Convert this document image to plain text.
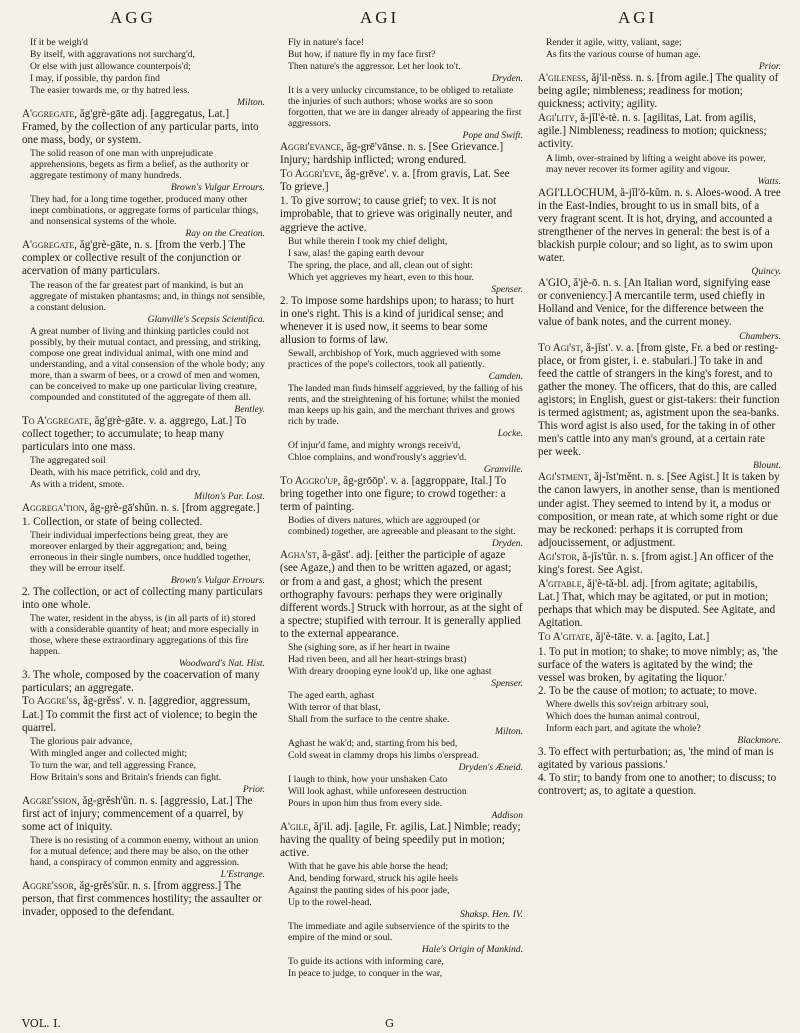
AGG	AGI	AGI
If it be weigh'd
By itself, with aggravations not surcharg'd,
Or else with just allowance counterpois'd;
I may, if possible, thy pardon find
The easier towards me, or thy hatred less.
Milton.
A'ggregate, ăg'grè-gāte adj. [aggregatus, Lat.] Framed, by the collection of any particular parts, into one mass, body, or system.
The solid reason of one man with unprejudicate apprehensions, begets as firm a belief, as the authority or aggregate testimony of many hundreds.
Brown's Vulgar Errours.
They had, for a long time together, produced many other inept combinations, or aggregate forms of particular things, and nonsensical systems of the whole.
Ray on the Creation.
A'ggregate, ăg'grè-gāte, n. s. [from the verb.] The complex or collective result of the conjunction or acervation of many particulars.
The reason of the far greatest part of mankind, is but an aggregate of mistaken phantasms; and, in things not sensible, a constant delusion.
Glanville's Scepsis Scientifica.
A great number of living and thinking particles could not possibly, by their mutual contact, and pressing, and striking, compose one great individual animal, with one mind and understanding, and a vital consension of the whole body; any more, than a swarm of bees, or a crowd of men and women, can be conceived to make up one particular living creature, compounded and constituted of the aggregate of them all.
Bentley.
To A'ggregate, ăg'grè-gāte. v. a. aggrego, Lat.] To collect together; to accumulate; to heap many particulars into one mass.
The aggregated soil
Death, with his mace petrifick, cold and dry,
As with a trident, smote.
Milton's Par. Lost.
Aggrega'tion, ăg-grè-gā'shŭn. n. s. [from aggregate.]
1. Collection, or state of being collected.
Their individual imperfections being great, they are moreover enlarged by their aggregation; and, being erroneous in their single numbers, once huddled together, they will be errour itself.
Brown's Vulgar Errours.
2. The collection, or act of collecting many particulars into one whole.
The water, resident in the abyss, is (in all parts of it) stored with a considerable quantity of heat; and more especially in those, where these extraordinary aggregations of this fire happen.
Woodward's Nat. Hist.
3. The whole, composed by the coacervation of many particulars; an aggregate.
To Aggre'ss, ăg-grĕss'. v. n. [aggredior, aggressum, Lat.] To commit the first act of violence; to begin the quarrel.
The glorious pair advance,
With mingled anger and collected might;
To turn the war, and tell aggressing France,
How Britain's sons and Britain's friends can fight.
Prior.
Aggre'ssion, ăg-grĕsh'ŭn. n. s. [aggressio, Lat.] The first act of injury; commencement of a quarrel, by some act of iniquity.
There is no resisting of a common enemy, without an union for a mutual defence; and there may be also, on the other hand, a conspiracy of common enmity and aggression.
L'Estrange.
Aggre'ssor, ăg-grĕs'sŭr. n. s. [from aggress.] The person, that first commences hostility; the assaulter or invader, opposed to the defendant.
Fly in nature's face!
But how, if nature fly in my face first?
Then nature's the aggressor. Let her look to't.
Dryden.
It is a very unlucky circumstance, to be obliged to retaliate the injuries of such authors; whose works are so soon forgotten, that we are in danger already of appearing the first aggressors.
Pope and Swift.
Aggri'evance, ăg-grē'vānse. n. s. [See Grievance.] Injury; hardship inflicted; wrong endured.
To Aggri'eve, ăg-grēve'. v. a. [from gravis, Lat. See To grieve.]
1. To give sorrow; to cause grief; to vex. It is not improbable, that to grieve was originally neuter, and aggrieve the active.
But while therein I took my chief delight,
I saw, alas! the gaping earth devour
The spring, the place, and all, clean out of sight:
Which yet aggrieves my heart, even to this hour.
Spenser.
2. To impose some hardships upon; to harass; to hurt in one's right. This is a kind of juridical sense; and whenever it is used now, it seems to bear some allusion to forms of law.
Sewall, archbishop of York, much aggrieved with some practices of the pope's collectors, took all patiently.
Camden.
The landed man finds himself aggrieved, by the falling of his rents, and the streightening of his fortune; whilst the monied man keeps up his gain, and the merchant thrives and grows rich by trade.
Locke.
Of injur'd fame, and mighty wrongs receiv'd,
Chloe complains, and wond'rously's aggriev'd.
Granville.
To Aggro'up, ăg-grōōp'. v. a. [aggroppare, Ital.] To bring together into one figure; to crowd together: a term of painting.
Bodies of divers natures, which are aggrouped (or combined) together, are agreeable and pleasant to the sight.
Dryden.
Agha'st, ă-găst'. adj. [either the participle of agaze (see Agaze,) and then to be written agazed, or agast; or from a and gast, a ghost; which the present orthography favours: perhaps they were originally different words.] Struck with horrour, as at the sight of a spectre; stupified with terrour. It is generally applied to the external appearance.
She (sighing sore, as if her heart in twaine
Had riven been, and all her heart-strings brast)
With dreary drooping eyne look'd up, like one aghast
Spenser.
The aged earth, aghast
With terror of that blast,
Shall from the surface to the centre shake.
Milton.
Aghast he wak'd; and, starting from his bed,
Cold sweat in clammy drops his limbs o'erspread.
Dryden's Æneid.
I laugh to think, how your unshaken Cato
Will look aghast, while unforeseen destruction
Pours in upon him thus from every side.
Addison
A'gile, ăj'il. adj. [agile, Fr. agilis, Lat.] Nimble; ready; having the quality of being speedily put in motion; active.
With that he gave his able horse the head;
And, bending forward, struck his agile heels
Against the panting sides of his poor jade,
Up to the rowel-head.
Shaksp. Hen. IV.
The immediate and agile subservience of the spirits to the empire of the mind or soul.
Hale's Origin of Mankind.
To guide its actions with informing care,
In peace to judge, to conquer in the war,
Render it agile, witty, valiant, sage;
As fits the various course of human age.
Prior.
A'gileness, ăj'il-nĕss. n. s. [from agile.] The quality of being agile; nimbleness; readiness for motion; quickness; activity; agility.
Agi'lity, ă-jĭl'è-tè. n. s. [agilitas, Lat. from agilis, agile.] Nimbleness; readiness to motion; quickness; activity.
A limb, over-strained by lifting a weight above its power, may never recover its former agility and vigour.
Watts.
AGI'LLOCHUM, ă-jĭl'ŏ-kŭm. n. s. Aloes-wood. A tree in the East-Indies, brought to us in small bits, of a very fragrant scent. It is hot, drying, and accounted a strengthener of the nerves in general: the best is of a blackish purple colour; and so light, as to swim upon water.
Quincy.
A'GIO, ă'jè-ō. n. s. [An Italian word, signifying ease or conveniency.] A mercantile term, used chiefly in Holland and Venice, for the difference between the value of bank notes, and the current money.
Chambers.
To Agi'st, ă-jĭst'. v. a. [from giste, Fr. a bed or resting-place, or from gister, i. e. stabulari.] To take in and feed the cattle of strangers in the king's forest, and to gather the money. The officers, that do this, are called agistors; in English, guest or gist-takers: their function is termed agistment; as, agistment upon the sea-banks. This word agist is also used, for the taking in of other men's cattle into any man's ground, at a certain rate per week.
Blount.
Agi'stment, ăj-ĭst'mĕnt. n. s. [See Agist.] It is taken by the canon lawyers, in another sense, than is mentioned under agist. They seemed to intend by it, a modus or composition, or mean rate, at which some right or due may be reckoned: perhaps it is corrupted from adjoucissement, or adjustment.
Agi'stor, ă-jĭs'tŭr. n. s. [from agist.] An officer of the king's forest. See Agist.
A'gitable, ăj'è-tă-bl. adj. [from agitate; agitabilis, Lat.] That, which may be agitated, or put in motion; perhaps that which may be disputed. See Agitate, and Agitation.
To A'gitate, ăj'è-tāte. v. a. [agito, Lat.]
1. To put in motion; to shake; to move nimbly; as, 'the surface of the waters is agitated by the wind; the vessel was broken, by agitating the liquor.'
2. To be the cause of motion; to actuate; to move.
Where dwells this sov'reign arbitrary soul,
Which does the human animal controul,
Inform each part, and agitate the whole?
Blackmore.
3. To effect with perturbation; as, 'the mind of man is agitated by various passions.'
4. To stir; to bandy from one to another; to discuss; to controvert; as, to agitate a question.
VOL. I.	G
